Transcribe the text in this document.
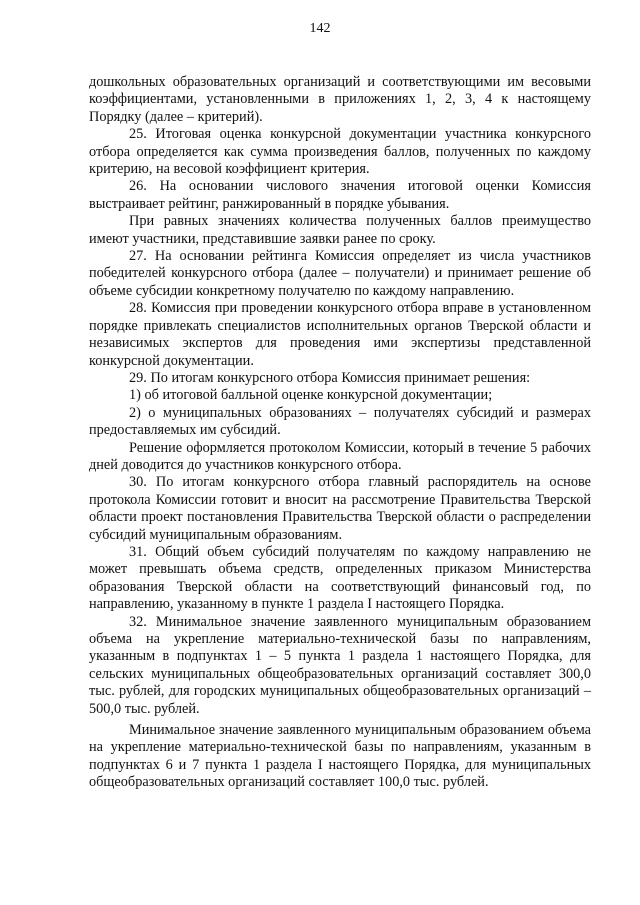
142

дошкольных образовательных организаций и соответствующими им весовыми коэффициентами, установленными в приложениях 1, 2, 3, 4 к настоящему Порядку (далее – критерий).

25. Итоговая оценка конкурсной документации участника конкурсного отбора определяется как сумма произведения баллов, полученных по каждому критерию, на весовой коэффициент критерия.

26. На основании числового значения итоговой оценки Комиссия выстраивает рейтинг, ранжированный в порядке убывания.

При равных значениях количества полученных баллов преимущество имеют участники, представившие заявки ранее по сроку.

27. На основании рейтинга Комиссия определяет из числа участников победителей конкурсного отбора (далее – получатели) и принимает решение об объеме субсидии конкретному получателю по каждому направлению.

28. Комиссия при проведении конкурсного отбора вправе в установленном порядке привлекать специалистов исполнительных органов Тверской области и независимых экспертов для проведения ими экспертизы представленной конкурсной документации.

29. По итогам конкурсного отбора Комиссия принимает решения:

1) об итоговой балльной оценке конкурсной документации;

2) о муниципальных образованиях – получателях субсидий и размерах предоставляемых им субсидий.

Решение оформляется протоколом Комиссии, который в течение 5 рабочих дней доводится до участников конкурсного отбора.

30. По итогам конкурсного отбора главный распорядитель на основе протокола Комиссии готовит и вносит на рассмотрение Правительства Тверской области проект постановления Правительства Тверской области о распределении субсидий муниципальным образованиям.

31. Общий объем субсидий получателям по каждому направлению не может превышать объема средств, определенных приказом Министерства образования Тверской области на соответствующий финансовый год, по направлению, указанному в пункте 1 раздела I настоящего Порядка.

32. Минимальное значение заявленного муниципальным образованием объема на укрепление материально-технической базы по направлениям, указанным в подпунктах 1 – 5 пункта 1 раздела 1 настоящего Порядка, для сельских муниципальных общеобразовательных организаций составляет 300,0 тыс. рублей, для городских муниципальных общеобразовательных организаций – 500,0 тыс. рублей.

Минимальное значение заявленного муниципальным образованием объема на укрепление материально-технической базы по направлениям, указанным в подпунктах 6 и 7 пункта 1 раздела I настоящего Порядка, для муниципальных общеобразовательных организаций составляет 100,0 тыс. рублей.
